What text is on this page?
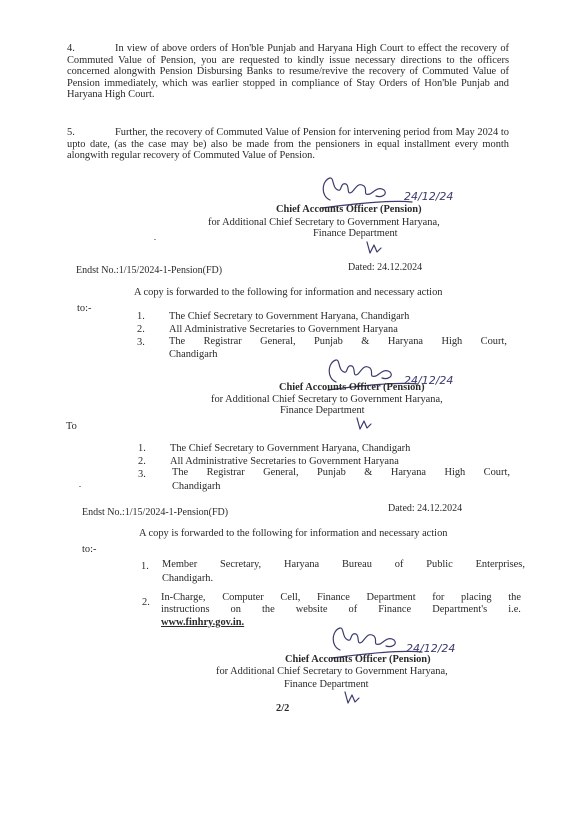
4.	In view of above orders of Hon'ble Punjab and Haryana High Court to effect the recovery of Commuted Value of Pension, you are requested to kindly issue necessary directions to the officers concerned alongwith Pension Disbursing Banks to resume/revive the recovery of Commuted Value of Pension immediately, which was earlier stopped in compliance of Stay Orders of Hon'ble Punjab and Haryana High Court.
5.	Further, the recovery of Commuted Value of Pension for intervening period from May 2024 to upto date, (as the case may be) also be made from the pensioners in equal installment every month alongwith regular recovery of Commuted Value of Pension.
24/12/24
Chief Accounts Officer (Pension)
for Additional Chief Secretary to Government Haryana,
Finance Department
Endst No.:1/15/2024-1-Pension(FD)	Dated: 24.12.2024
A copy is forwarded to the following for information and necessary action
to:-
1. The Chief Secretary to Government Haryana, Chandigarh
2. All Administrative Secretaries to Government Haryana
3.	The Registrar General, Punjab & Haryana High Court,
Chandigarh
24/12/24
Chief Accounts Officer (Pension)
for Additional Chief Secretary to Government Haryana,
Finance Department
To
1. The Chief Secretary to Government Haryana, Chandigarh
2. All Administrative Secretaries to Government Haryana
3.	The Registrar General, Punjab & Haryana High Court,
Chandigarh
Endst No.:1/15/2024-1-Pension(FD)	Dated: 24.12.2024
A copy is forwarded to the following for information and necessary action
to:-
1.	Member Secretary, Haryana Bureau of Public Enterprises,
Chandigarh.
2.	In-Charge, Computer Cell, Finance Department for placing the
instructions on the website of Finance Department's i.e.
www.finhry.gov.in.
24/12/24
Chief Accounts Officer (Pension)
for Additional Chief Secretary to Government Haryana,
Finance Department
2/2
